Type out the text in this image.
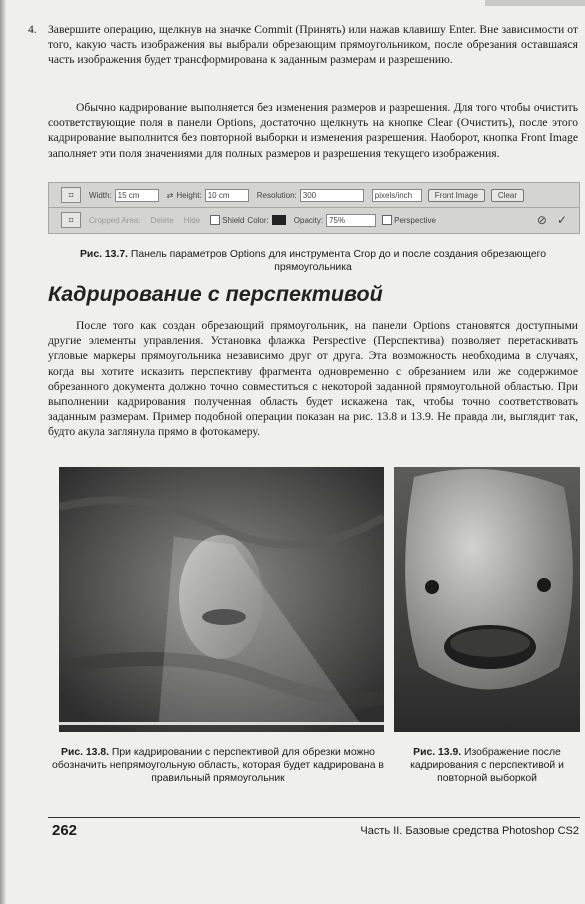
4. Завершите операцию, щелкнув на значке Commit (Принять) или нажав клавишу Enter. Вне зависимости от того, какую часть изображения вы выбрали обрезающим прямоугольником, после обрезания оставшаяся часть изображения будет трансформирована к заданным размерам и разрешению.

Обычно кадрирование выполняется без изменения размеров и разрешения. Для того чтобы очистить соответствующие поля в панели Options, достаточно щелкнуть на кнопке Clear (Очистить), после этого кадрирование выполнится без повторной выборки и изменения разрешения. Наоборот, кнопка Front Image заполняет эти поля значениями для полных размеров и разрешения текущего изображения.

⌗	Width: 15 cm	⇄ Height: 10 cm	Resolution: 300	pixels/inch	Front Image	Clear
⌗	Cropped Area: Delete Hide	Shield Color:	Opacity: 75%	Perspective	⊘ ✓

Рис. 13.7. Панель параметров Options для инструмента Crop до и после создания обрезающего прямоугольника

Кадрирование с перспективой

После того как создан обрезающий прямоугольник, на панели Options становятся доступными другие элементы управления. Установка флажка Perspective (Перспектива) позволяет перетаскивать угловые маркеры прямоугольника независимо друг от друга. Эта возможность необходима в случаях, когда вы хотите исказить перспективу фрагмента одновременно с обрезанием или же содержимое обрезанного документа должно точно совместиться с некоторой заданной прямоугольной областью. При выполнении кадрирования полученная область будет искажена так, чтобы точно соответствовать заданным размерам. Пример подобной операции показан на рис. 13.8 и 13.9. Не правда ли, выглядит так, будто акула заглянула прямо в фотокамеру.

Рис. 13.8. При кадрировании с перспективой для обрезки можно обозначить непрямоугольную область, которая будет кадрирована в правильный прямоугольник

Рис. 13.9. Изображение после кадрирования с перспективой и повторной выборкой

262	Часть II. Базовые средства Photoshop CS2
